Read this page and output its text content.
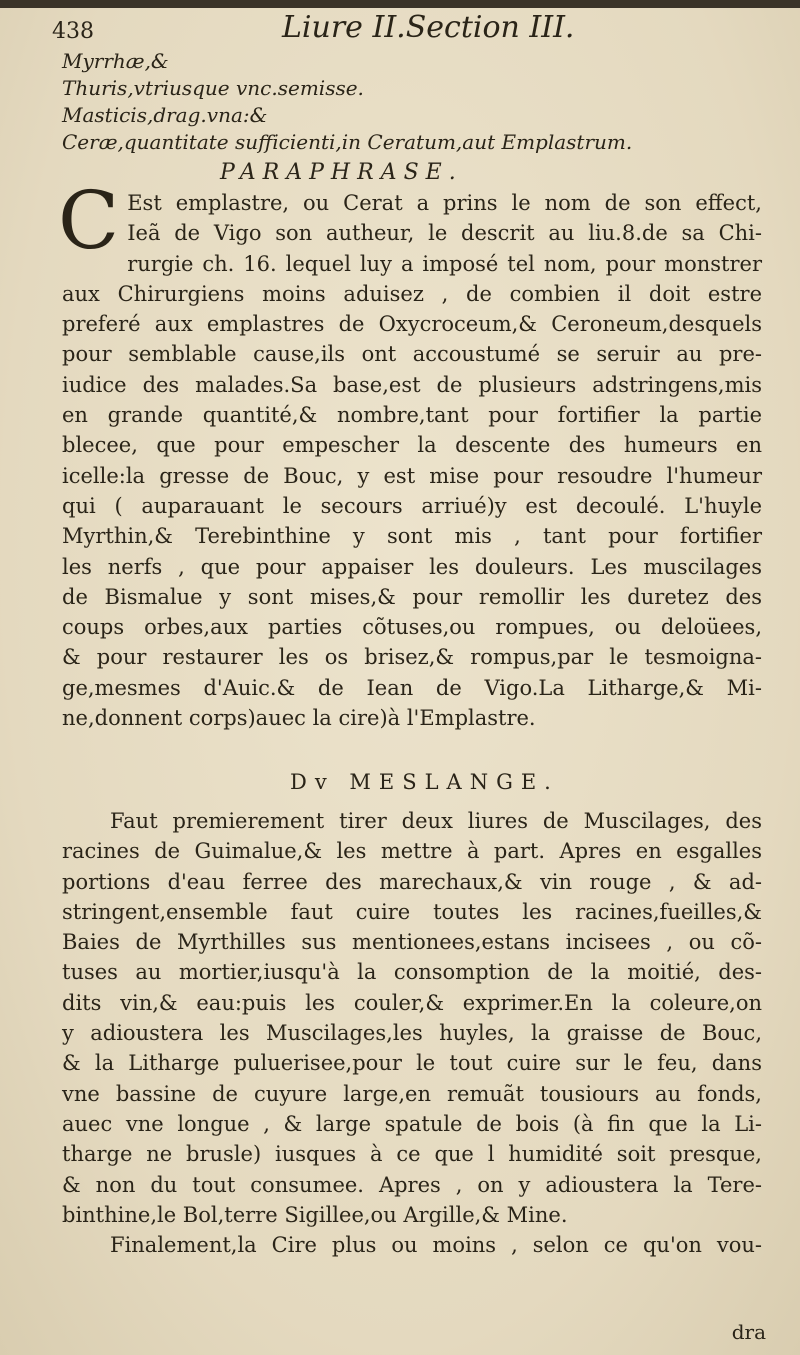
438	Liure II.Section III.
Myrrhæ,&
Thuris,vtriusque vnc.semisse.
Masticis,drag.vna:&
Ceræ,quantitate sufficienti,in Ceratum,aut Emplastrum.
PARAPHRASE.
C Est emplastre, ou Cerat a prins le nom de son effect,
Ieã de Vigo son autheur, le descrit au liu.8.de sa Chi-
rurgie ch. 16. lequel luy a imposé tel nom, pour monstrer
aux Chirurgiens moins aduisez , de combien il doit estre
preferé aux emplastres de Oxycroceum,& Ceroneum,desquels
pour semblable cause,ils ont accoustumé se seruir au pre-
iudice des malades.Sa base,est de plusieurs adstringens,mis
en grande quantité,& nombre,tant pour fortifier la partie
blecee, que pour empescher la descente des humeurs en
icelle:la gresse de Bouc, y est mise pour resoudre l'humeur
qui ( auparauant le secours arriué)y est decoulé. L'huyle
Myrthin,& Terebinthine y sont mis , tant pour fortifier
les nerfs , que pour appaiser les douleurs. Les muscilages
de Bismalue y sont mises,& pour remollir les duretez des
coups orbes,aux parties cõtuses,ou rompues, ou deloüees,
& pour restaurer les os brisez,& rompus,par le tesmoigna-
ge,mesmes d'Auic.& de Iean de Vigo.La Litharge,& Mi-
ne,donnent corps)auec la cire)à l'Emplastre.
Dv MESLANGE.
Faut premierement tirer deux liures de Muscilages, des
racines de Guimalue,& les mettre à part. Apres en esgalles
portions d'eau ferree des marechaux,& vin rouge , & ad-
stringent,ensemble faut cuire toutes les racines,fueilles,&
Baies de Myrthilles sus mentionees,estans incisees , ou cõ-
tuses au mortier,iusqu'à la consomption de la moitié, des-
dits vin,& eau:puis les couler,& exprimer.En la coleure,on
y adioustera les Muscilages,les huyles, la graisse de Bouc,
& la Litharge puluerisee,pour le tout cuire sur le feu, dans
vne bassine de cuyure large,en remuãt tousiours au fonds,
auec vne longue , & large spatule de bois (à fin que la Li-
tharge ne brusle) iusques à ce que l humidité soit presque,
& non du tout consumee. Apres , on y adioustera la Tere-
binthine,le Bol,terre Sigillee,ou Argille,& Mine.
Finalement,la Cire plus ou moins , selon ce qu'on vou-
dra
